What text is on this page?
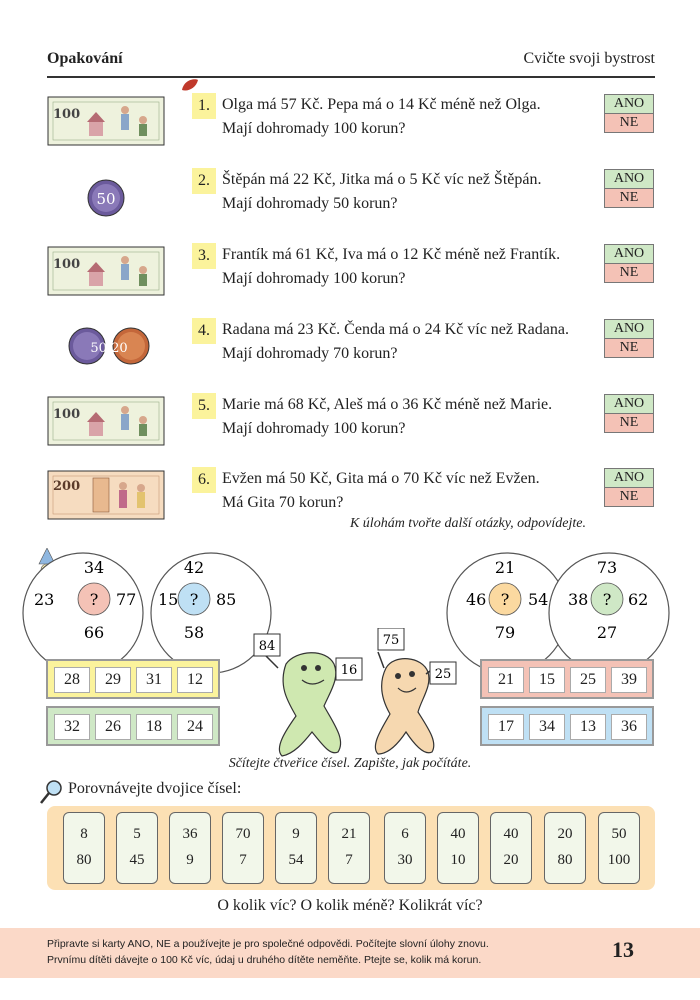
Opakování	Cvičte svoji bystrost
100
1. Olga má 57 Kč. Pepa má o 14 Kč méně než Olga.
Mají dohromady 100 korun?
ANO
NE
50
2. Štěpán má 22 Kč, Jitka má o 5 Kč víc než Štěpán.
Mají dohromady 50 korun?
ANO
NE
100
3. Frantík má 61 Kč, Iva má o 12 Kč méně než Frantík.
Mají dohromady 100 korun?
ANO
NE
50 20
4. Radana má 23 Kč. Čenda má o 24 Kč víc než Radana.
Mají dohromady 70 korun?
ANO
NE
100
5. Marie má 68 Kč, Aleš má o 36 Kč méně než Marie.
Mají dohromady 100 korun?
ANO
NE
200	6. Evžen má 50 Kč, Gita má o 70 Kč víc než Evžen.
Má Gita 70 korun?
ANO
NE
K úlohám tvořte další otázky, odpovídejte.
?
34
23	77
66
?
42
15 85
58
?
21
46	54
79
?
73
38 62
27
28	29	31	12
32	26	18	24
21	15	25	39
17	34	13	36
84
16
75
25
Sčítejte čtveřice čísel. Zapište, jak počítáte.
Porovnávejte dvojice čísel:
8
80
5
45
36
9
70
7
9
54
21
7
6
30
40
10
40
20
20
80
50
100
O kolik víc? O kolik méně? Kolikrát víc?
Připravte si karty ANO, NE a používejte je pro společné odpovědi. Počítejte slovní úlohy znovu.
Prvnímu dítěti dávejte o 100 Kč víc, údaj u druhého dítěte neměňte. Ptejte se, kolik má korun.	13
